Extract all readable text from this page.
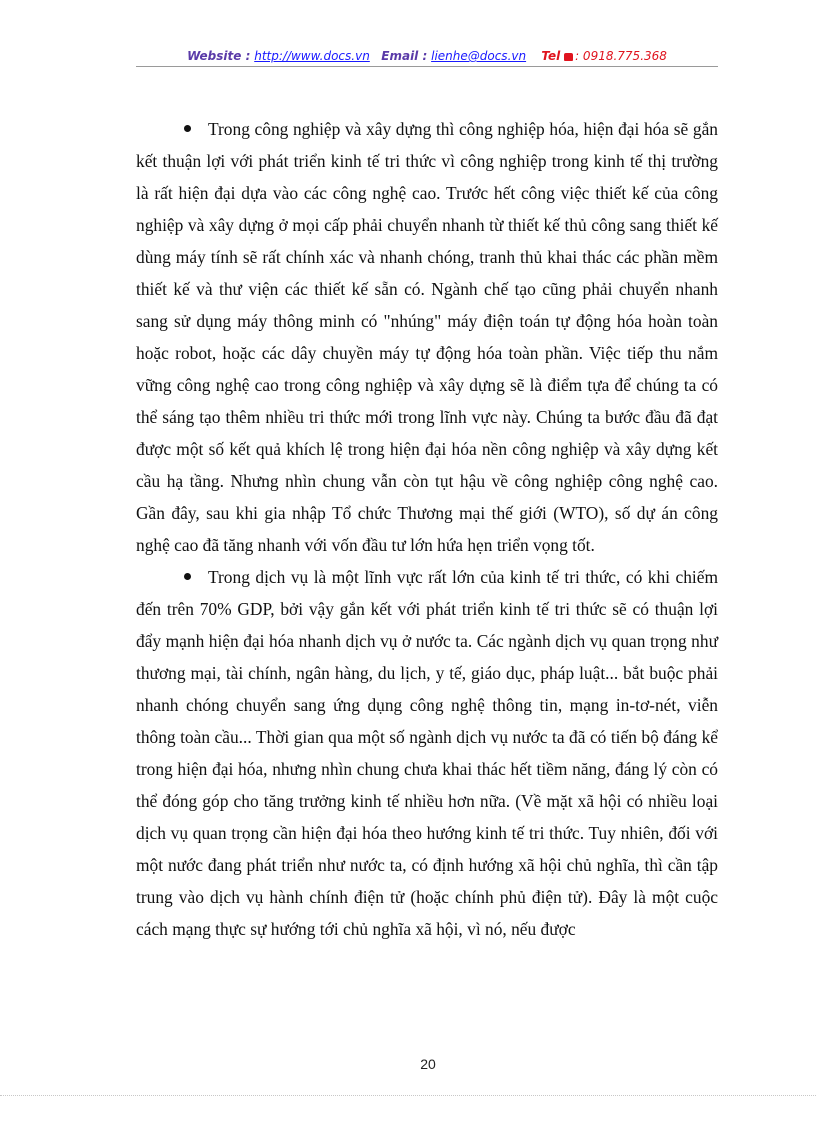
Website : http://www.docs.vn Email : lienhe@docs.vn Tel : 0918.775.368

Trong công nghiệp và xây dựng thì công nghiệp hóa, hiện đại hóa sẽ gắn kết thuận lợi với phát triển kinh tế tri thức vì công nghiệp trong kinh tế thị trường là rất hiện đại dựa vào các công nghệ cao. Trước hết công việc thiết kế của công nghiệp và xây dựng ở mọi cấp phải chuyển nhanh từ thiết kế thủ công sang thiết kế dùng máy tính sẽ rất chính xác và nhanh chóng, tranh thủ khai thác các phần mềm thiết kế và thư viện các thiết kế sẵn có. Ngành chế tạo cũng phải chuyển nhanh sang sử dụng máy thông minh có "nhúng" máy điện toán tự động hóa hoàn toàn hoặc robot, hoặc các dây chuyền máy tự động hóa toàn phần. Việc tiếp thu nắm vững công nghệ cao trong công nghiệp và xây dựng sẽ là điểm tựa để chúng ta có thể sáng tạo thêm nhiều tri thức mới trong lĩnh vực này. Chúng ta bước đầu đã đạt được một số kết quả khích lệ trong hiện đại hóa nền công nghiệp và xây dựng kết cầu hạ tầng. Nhưng nhìn chung vẫn còn tụt hậu về công nghiệp công nghệ cao. Gần đây, sau khi gia nhập Tổ chức Thương mại thế giới (WTO), số dự án công nghệ cao đã tăng nhanh với vốn đầu tư lớn hứa hẹn triển vọng tốt.

Trong dịch vụ là một lĩnh vực rất lớn của kinh tế tri thức, có khi chiếm đến trên 70% GDP, bởi vậy gắn kết với phát triển kinh tế tri thức sẽ có thuận lợi đẩy mạnh hiện đại hóa nhanh dịch vụ ở nước ta. Các ngành dịch vụ quan trọng như thương mại, tài chính, ngân hàng, du lịch, y tế, giáo dục, pháp luật... bắt buộc phải nhanh chóng chuyển sang ứng dụng công nghệ thông tin, mạng in-tơ-nét, viễn thông toàn cầu... Thời gian qua một số ngành dịch vụ nước ta đã có tiến bộ đáng kể trong hiện đại hóa, nhưng nhìn chung chưa khai thác hết tiềm năng, đáng lý còn có thể đóng góp cho tăng trưởng kinh tế nhiều hơn nữa. (Về mặt xã hội có nhiều loại dịch vụ quan trọng cần hiện đại hóa theo hướng kinh tế tri thức. Tuy nhiên, đối với một nước đang phát triển như nước ta, có định hướng xã hội chủ nghĩa, thì cần tập trung vào dịch vụ hành chính điện tử (hoặc chính phủ điện tử). Đây là một cuộc cách mạng thực sự hướng tới chủ nghĩa xã hội, vì nó, nếu được

20
